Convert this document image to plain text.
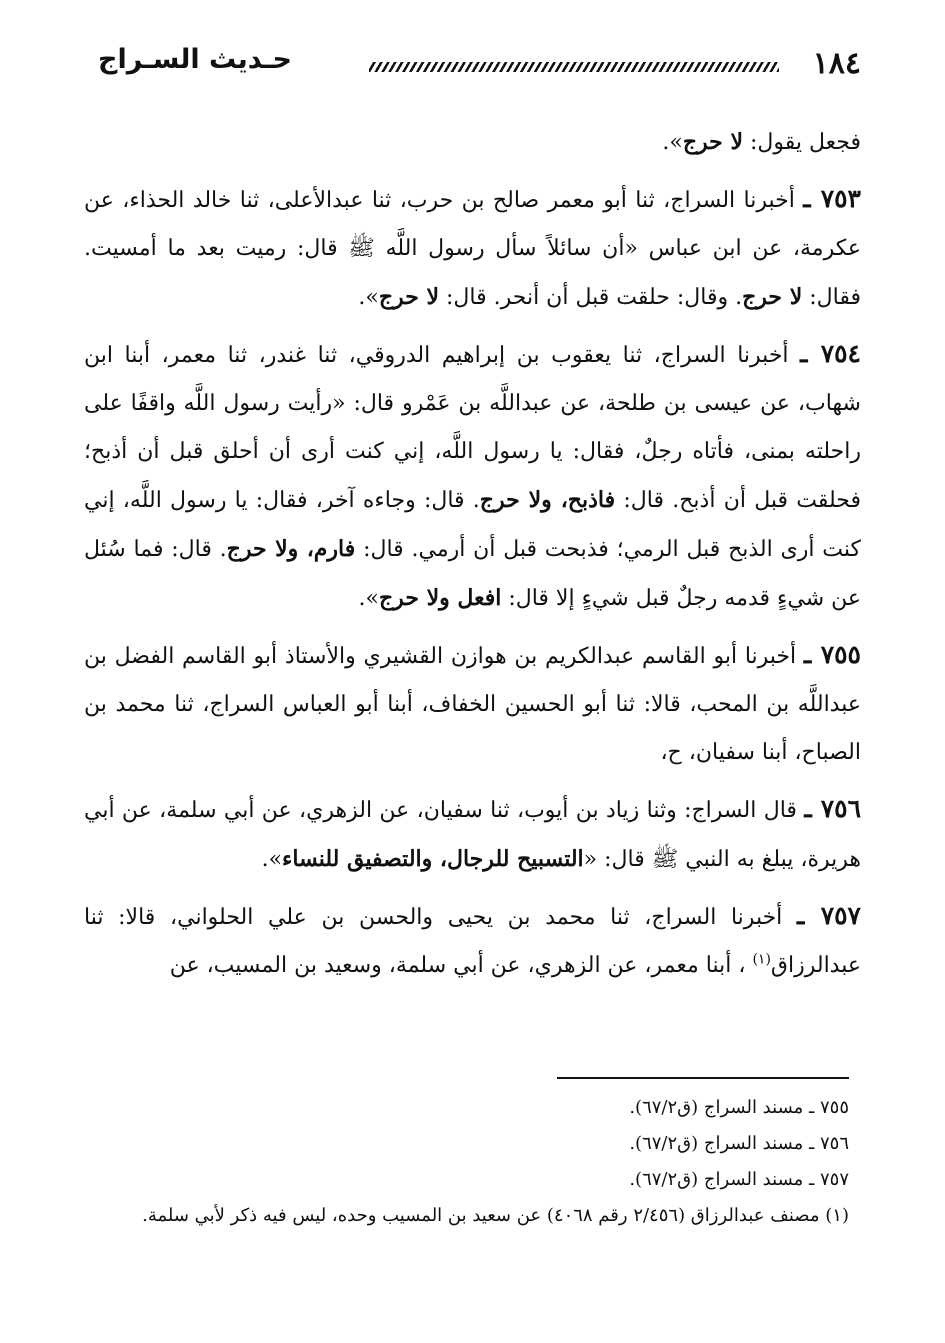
١٨٤
حـديث السـراج

فجعل يقول: لا حرج».

٧٥٣ ـ أخبرنا السراج، ثنا أبو معمر صالح بن حرب، ثنا عبدالأعلى، ثنا خالد الحذاء، عن عكرمة، عن ابن عباس «أن سائلاً سأل رسول اللَّه ﷺ قال: رميت بعد ما أمسيت. فقال: لا حرج. وقال: حلقت قبل أن أنحر. قال: لا حرج».

٧٥٤ ـ أخبرنا السراج، ثنا يعقوب بن إبراهيم الدروقي، ثنا غندر، ثنا معمر، أبنا ابن شهاب، عن عيسى بن طلحة، عن عبداللَّه بن عَمْرو قال: «رأيت رسول اللَّه واقفًا على راحلته بمنى، فأتاه رجلٌ، فقال: يا رسول اللَّه، إني كنت أرى أن أحلق قبل أن أذبح؛ فحلقت قبل أن أذبح. قال: فاذبح، ولا حرج. قال: وجاءه آخر، فقال: يا رسول اللَّه، إني كنت أرى الذبح قبل الرمي؛ فذبحت قبل أن أرمي. قال: فارم، ولا حرج. قال: فما سُئل عن شيءٍ قدمه رجلٌ قبل شيءٍ إلا قال: افعل ولا حرج».

٧٥٥ ـ أخبرنا أبو القاسم عبدالكريم بن هوازن القشيري والأستاذ أبو القاسم الفضل بن عبداللَّه بن المحب، قالا: ثنا أبو الحسين الخفاف، أبنا أبو العباس السراج، ثنا محمد بن الصباح، أبنا سفيان، ح،

٧٥٦ ـ قال السراج: وثنا زياد بن أيوب، ثنا سفيان، عن الزهري، عن أبي سلمة، عن أبي هريرة، يبلغ به النبي ﷺ قال: «التسبيح للرجال، والتصفيق للنساء».

٧٥٧ ـ أخبرنا السراج، ثنا محمد بن يحيى والحسن بن علي الحلواني، قالا: ثنا عبدالرزاق$^{(١)}$ ، أبنا معمر، عن الزهري، عن أبي سلمة، وسعيد بن المسيب، عن

٧٥٥ ـ مسند السراج (ق٦٧/٢).

٧٥٦ ـ مسند السراج (ق٦٧/٢).

٧٥٧ ـ مسند السراج (ق٦٧/٢).

(١) مصنف عبدالرزاق (٢/٤٥٦ رقم ٤٠٦٨) عن سعيد بن المسيب وحده، ليس فيه ذكر لأبي سلمة.
